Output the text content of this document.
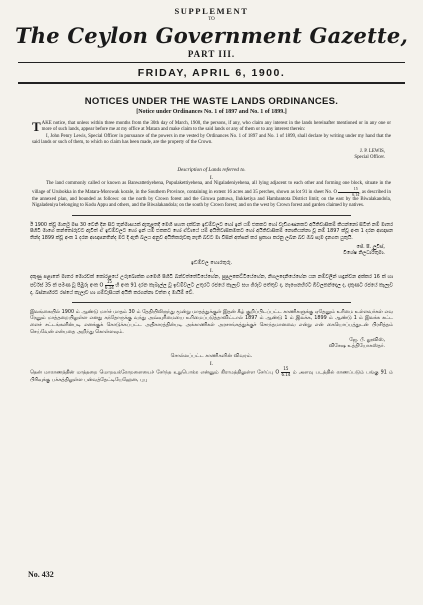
SUPPLEMENT
TO
The Ceylon Government Gazette,
PART III.
FRIDAY, APRIL 6, 1900.
NOTICES UNDER THE WASTE LANDS ORDINANCES.
[Notice under Ordinances No. 1 of 1897 and No. 1 of 1899.]
TAKE notice, that unless within three months from the 30th day of March, 1900, the persons, if any, who claim any interest in the lands hereinafter mentioned or in any one or more of such lands, appear before me at my office at Matara and make claim to the said lands or any of them or to any interest therein:
I, John Penry Lewis, Special Officer in pursuance of the powers in me vested by Ordinances No. 1 of 1897 and No. 1 of 1899, shall declare by writing under my hand that the said lands or such of them, to which no claim has been made, are the property of the Crown.
J. P. LEWIS,
Special Officer.
Description of Lands referred to.
I.
The land commonly called or known as Banwattetiyehena, Pupulakettiyehena, and Nigaladeniyehena, all lying adjacent to each other and forming one block, situate in the village of Urubokka in the Matara-Morowak korale, in the Southern Province, containing in extent 16 acres and 35 perches, shown as lot 91 in sheet No. O $\frac{15}{6.14}$ , as described in the annexed plan, and bounded as follows: on the north by Crown forest and the Giruwa pattuwa, Ilukketiya and Hambantota District limit; on the east by the Biwalakandola, Nigaladeniya belonging to Kodu Appu and others, and the Biwalakandola; on the south by Crown forest; and on the west by Crown forest and garden claimed by natives.
ඊ 1900 ක්වූ මාර්තු මස 30 වෙනි දින සිට තුන්මාසයක් ඇතුළතදී මෙහි පහත දක්වන ඉඩම්වලට හෝ ඉන් යම් එකකට හෝ වැඩිගණනකට අයිතිවාසිකම් කියන්නෝ සිටිත් නම් මාතර පිහිටි මාගේ කන්තෝරුවට ඇවිත් ඒ ඉඩම්වලට හෝ ඉන් යම් එකකට හෝ ඒවායේ යම් අයිතිවාසිකමකට හෝ අයිතිවාසිකම් නොකියන්නා වූ නම් 1897 ක්වූ අංක 1 දරන ආඥාපනතින්ද 1899 ක්වූ අංක 1 දරන ආඥාපනතින්ද මට දී ඇති බලය අනුව අයිතිකරුවකු නැති බවට මා විසින් අත්සන් කර ප්‍රකාශ කරනු ලබන බව ඔබ සැම දැනගත යුතුයි.
ජේ. පී. ලුවිස්,
විශේෂ නිලධාරීතුමා.
ඉඩම්වල හොරතුරු.
I.
දකුණු පළාතේ මාතර මොරවක් කෝරළයේ උරුබොක්ක ගමෙහි පිහිටි බන්වත්තේටියේහේන, පුපුලකෙට්ටියේහේන, නිගලදෙනියේහේන යන නම්වලින් හඳුන්වන අක්කර 16 ක් හා පර්චස් 35 ක් පමණ වූ පිඹුරු අංක O $\frac{15}{6.14}$ හි අංක 91 දරන කැබැල්ල වූ ඉඩම්වලට උතුරට රජයේ කැලෑව සහ ගිරුව පත්තුව ද, නැගෙනහිරට බිවලකන්දොල ද, දකුණට රජයේ කැලෑව ද, බස්නාහිරට රජයේ කැලෑව හා ගම්වැසියන් අයිති කරගන්නා වත්ත ද මායිම් වේ.
இலங்கையில் 1900 ம் ஆண்டு மார்ச் மாதம் 30 ம் தேதியிலிருந்து மூன்று மாதத்துக்குள் இதன் கீழ் குறிப்பிடப்பட்ட காணிகளுக்கு ஏதேனும் உரிமை உள்ளவர்கள் எவரேனும் மாத்தறையிலுள்ள எனது கந்தோருக்கு வந்து அவ்வுரிமையை உரிமைப்படுத்தாவிட்டால் 1897 ம் ஆண்டு 1 ம் இலக்க, 1899 ம் ஆண்டு 1 ம் இலக்க கட்டளைச் சட்டங்களின்படி எனக்குக் கொடுக்கப்பட்ட அதிகாரத்தின்படி அக்காணிகள் அரசாங்கத்துக்குச் சொந்தமானவை என்று என் கையொப்பத்துடன் பிரசித்தம் செய்வேன் என்பதை அறிந்து கொள்ளவும்.
ஜே. பீ. லூவிஸ்,
விசேஷ உத்தியோகஸ்தர்.
சொல்லப்பட்ட காணிகளின் விவரம்.
I.
தென் மாகாணத்தின் மாத்தறை மொறவக்கோறளையைச் சேர்ந்த உறுபொக்க என்னும் கிராமத்திலுள்ள சேர்ப்பு O $\frac{15}{6.14}$ ம் அளவு படத்தில் காணப்படும் பங்கு 91 ம் பிரிவுக்கு பக்கத்திலுள்ள பன்வத்தேட்டியேஹேன, புபு
No. 432
